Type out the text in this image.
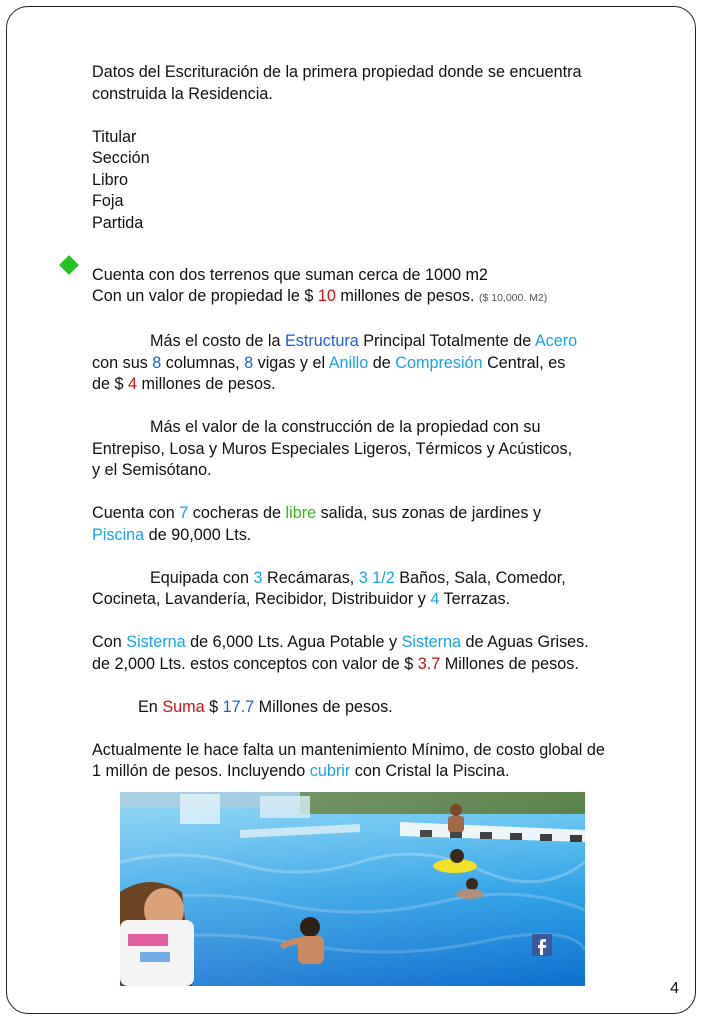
Datos del Escrituración de la primera propiedad donde se encuentra
construida la Residencia.

Titular

Sección

Libro

Foja

Partida

Cuenta con dos terrenos que suman cerca de 1000 m2
Con un valor de propiedad le $ 10 millones de pesos. ($ 10,000. M2)

Más el costo de la Estructura Principal Totalmente de Acero
con sus 8 columnas, 8 vigas y el Anillo de Compresión Central, es
de $ 4 millones de pesos.

Más el valor de la construcción de la propiedad con su
Entrepiso, Losa y Muros Especiales Ligeros, Térmicos y Acústicos,
y el Semisótano.

Cuenta con 7 cocheras de libre salida, sus zonas de jardines y
Piscina de 90,000 Lts.

Equipada con 3 Recámaras, 3 1/2 Baños, Sala, Comedor,
Cocineta, Lavandería, Recibidor, Distribuidor y 4 Terrazas.

Con Sisterna de 6,000 Lts. Agua Potable y Sisterna de Aguas Grises.
de 2,000 Lts. estos conceptos con valor de $ 3.7 Millones de pesos.

En Suma $ 17.7 Millones de pesos.

Actualmente le hace falta un mantenimiento Mínimo, de costo global de
1 millón de pesos. Incluyendo cubrir con Cristal la Piscina.

4
